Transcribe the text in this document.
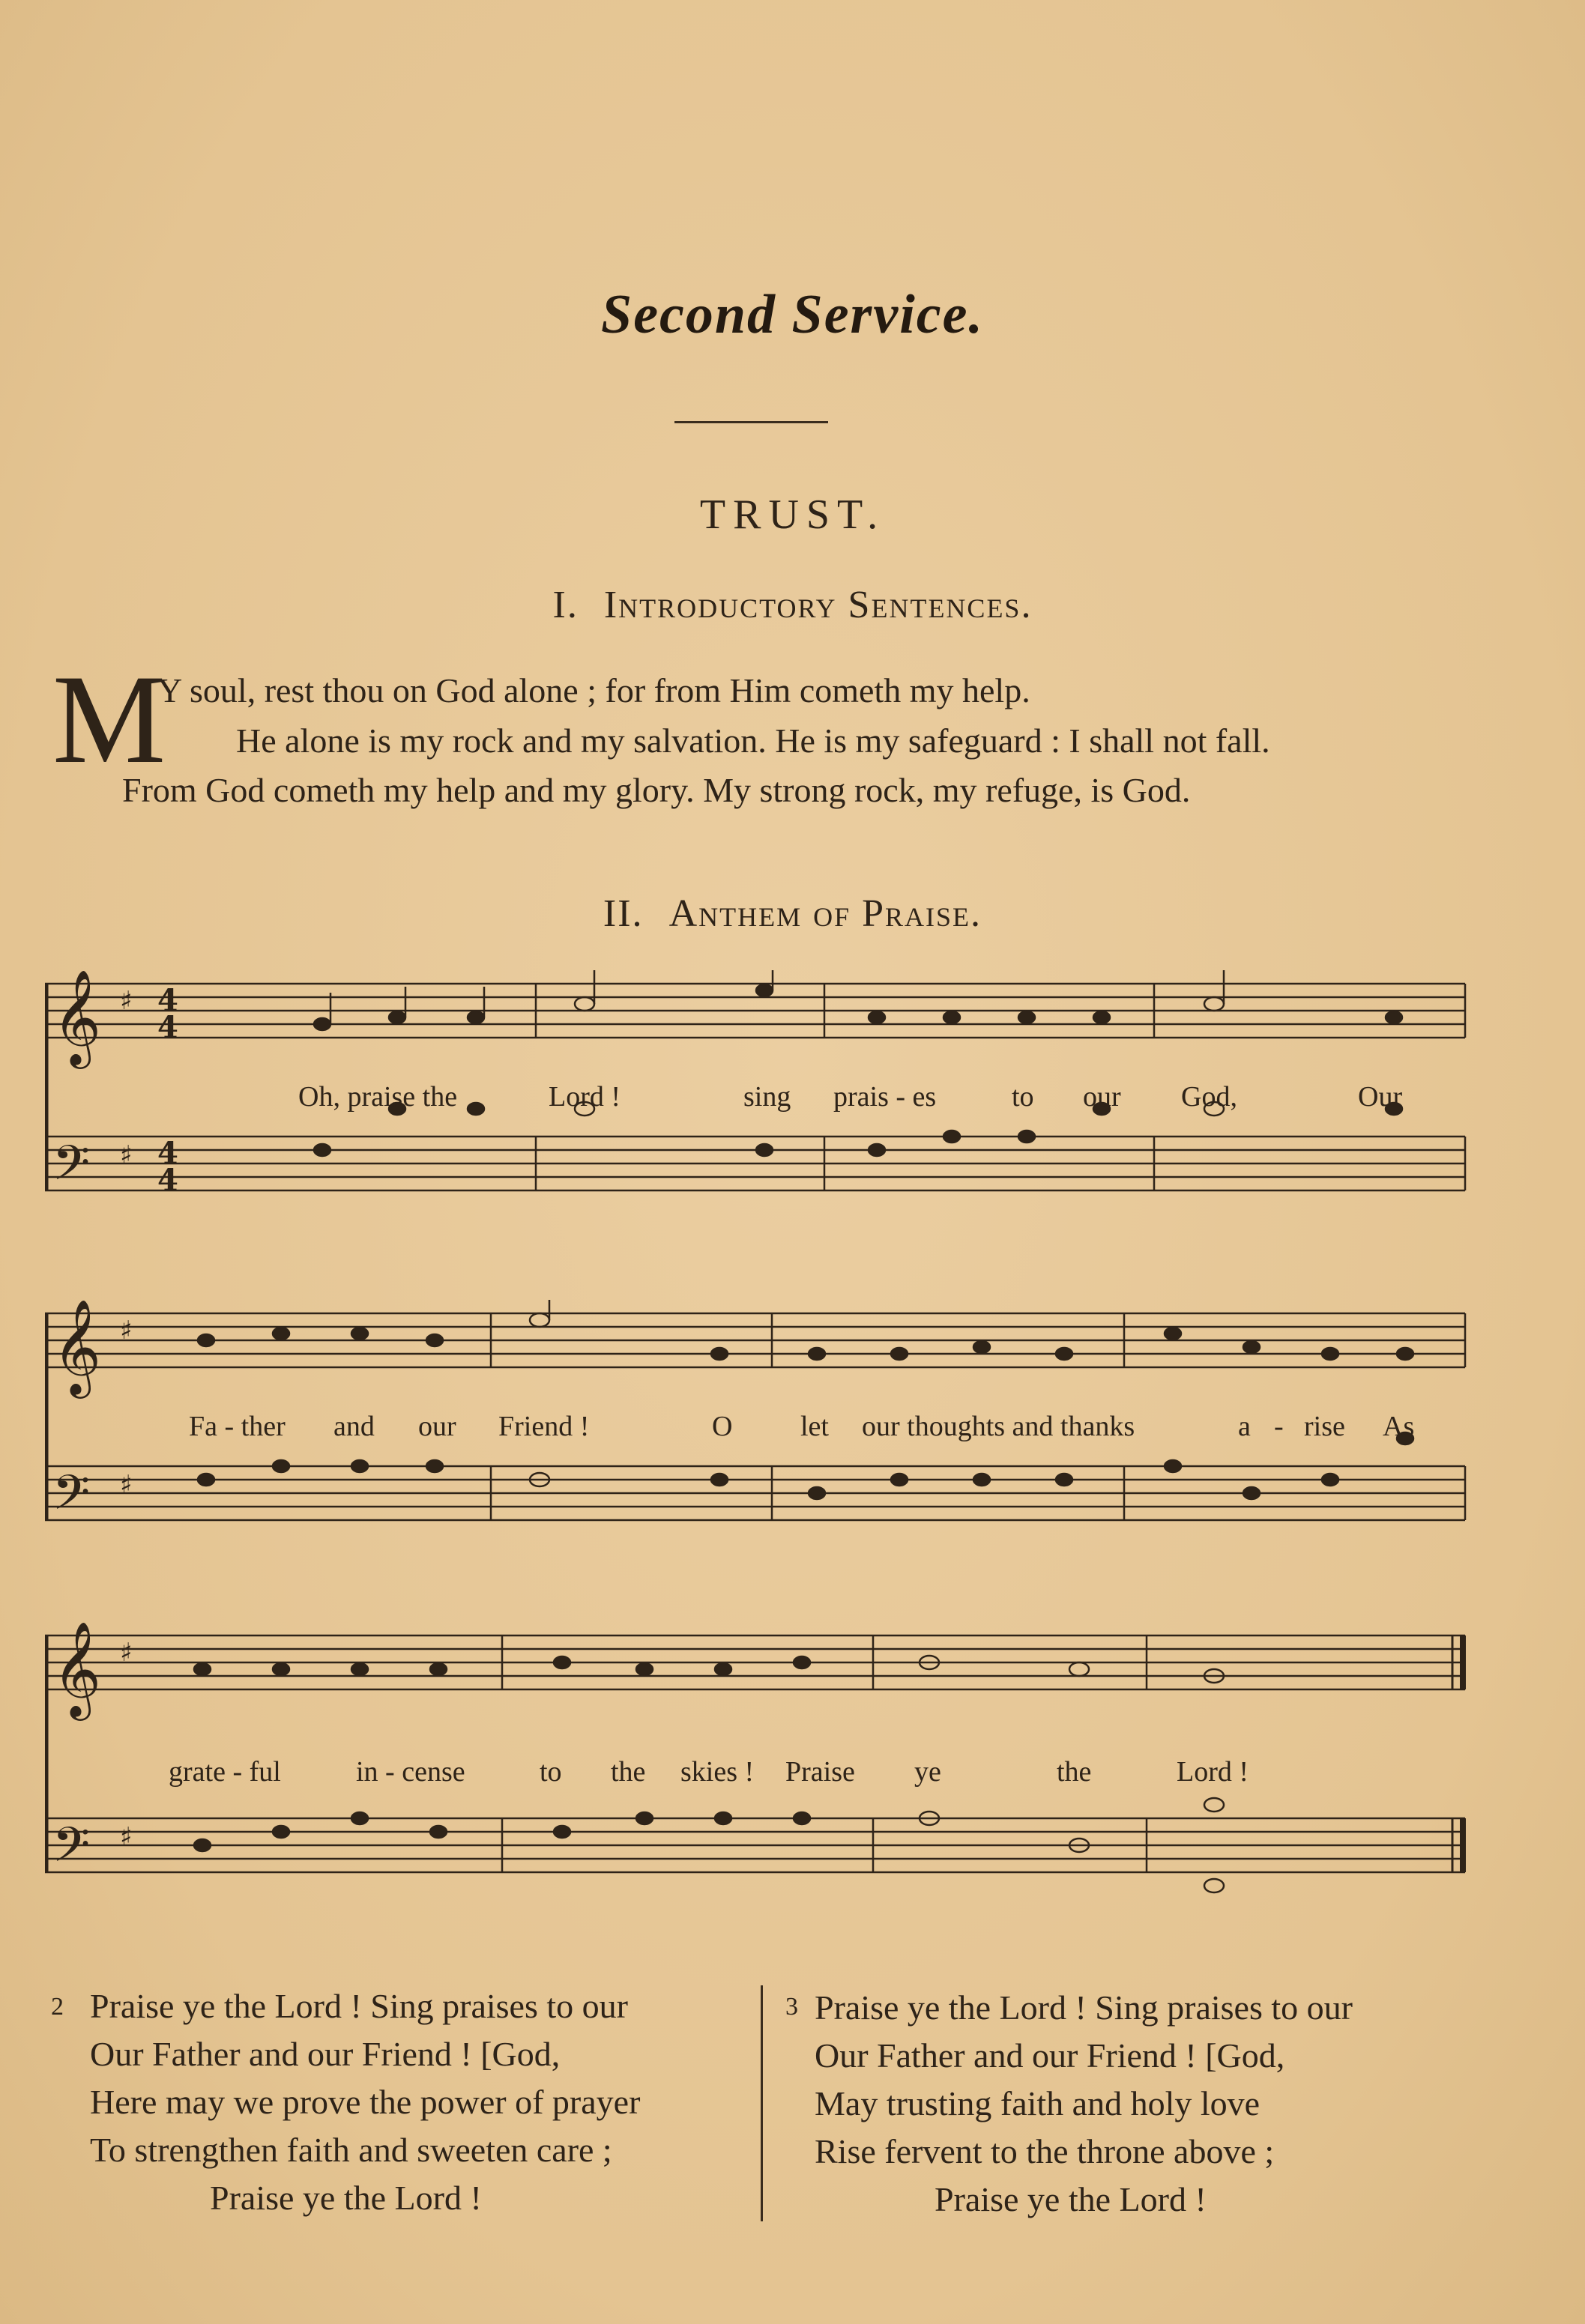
Second Service.
TRUST.
I. Introductory Sentences.
M
Y soul, rest thou on God alone ; for from Him cometh my help.
He alone is my rock and my salvation. He is my safeguard : I shall not fall.
From God cometh my help and my glory. My strong rock, my refuge, is God.
II. Anthem of Praise.
𝄞
𝄢
♯
♯
4
4
4
4
Oh, praise the	Lord !	sing prais - es	to our God,	Our
𝄞
𝄢
♯
♯
Fa - ther and our Friend !	O let our thoughts and thanks	a - rise As
𝄞
𝄢
♯
♯
grate - ful	in - cense	to the skies ! Praise ye	the	Lord !
2 Praise ye the Lord ! Sing praises to our
Our Father and our Friend ! [God,
Here may we prove the power of prayer
To strengthen faith and sweeten care ;
Praise ye the Lord !
3 Praise ye the Lord ! Sing praises to our
Our Father and our Friend ! [God,
May trusting faith and holy love
Rise fervent to the throne above ;
Praise ye the Lord !
